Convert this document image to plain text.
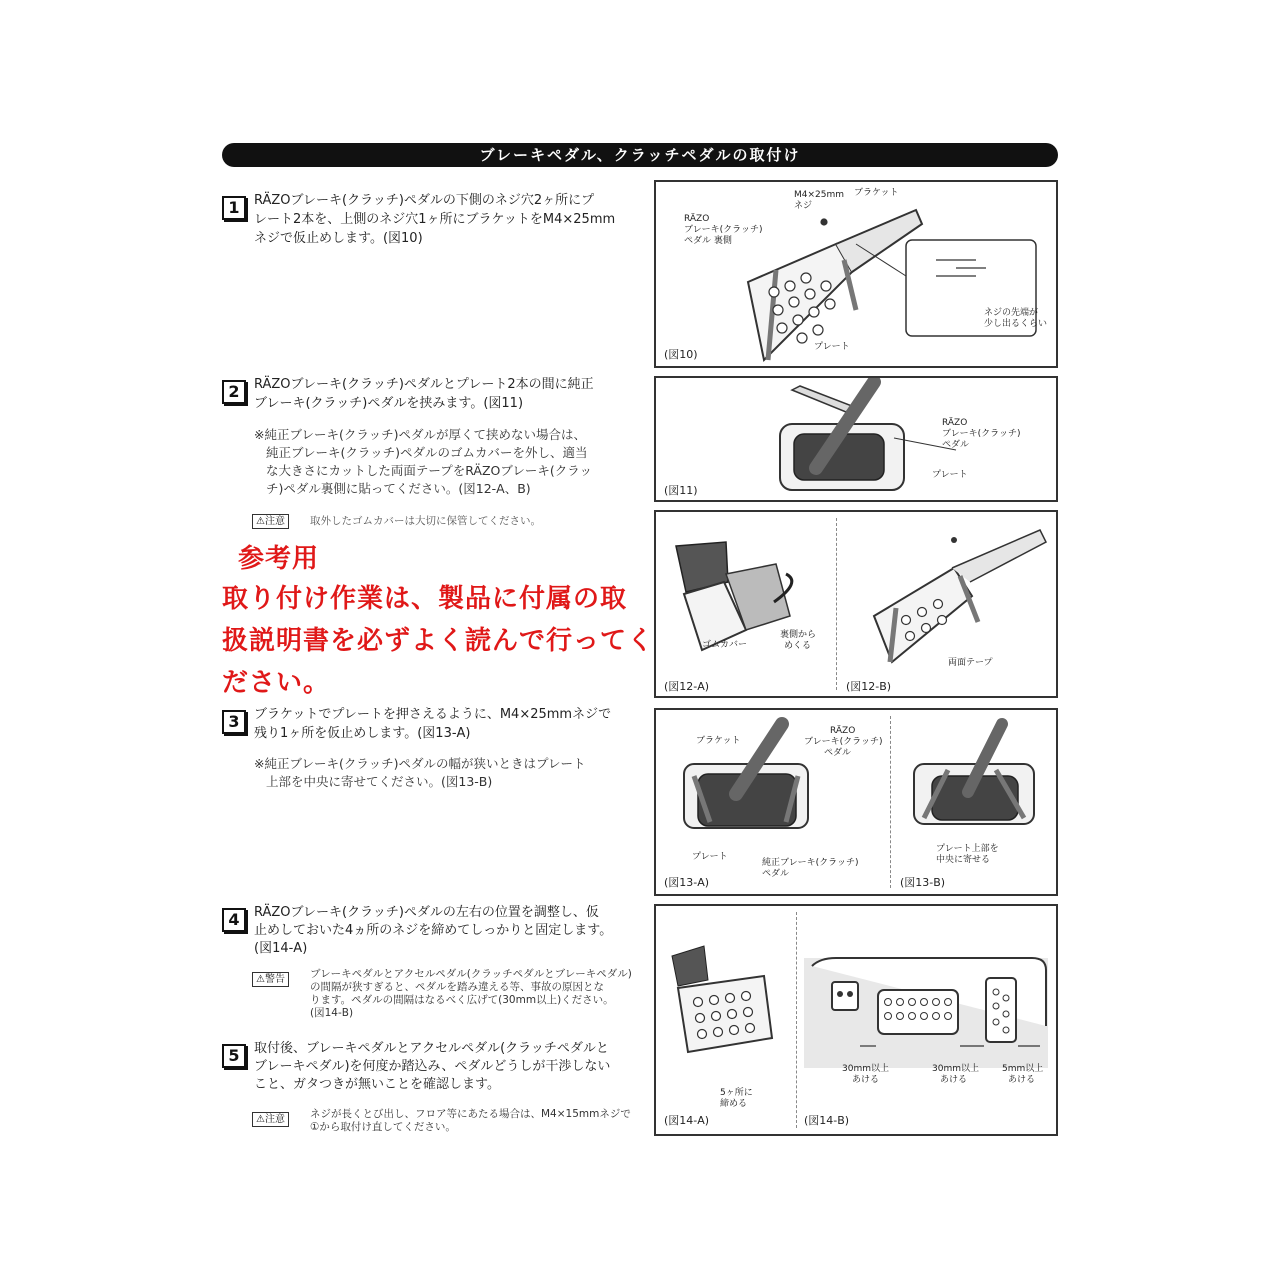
ブレーキペダル、クラッチペダルの取付け
1	RÄZOブレーキ(クラッチ)ペダルの下側のネジ穴2ヶ所にプ
レート2本を、上側のネジ穴1ヶ所にブラケットをM4×25mm
ネジで仮止めします。(図10)
2	RÄZOブレーキ(クラッチ)ペダルとプレート2本の間に純正
ブレーキ(クラッチ)ペダルを挟みます。(図11)
※純正ブレーキ(クラッチ)ペダルが厚くて挟めない場合は、
純正ブレーキ(クラッチ)ペダルのゴムカバーを外し、適当
な大きさにカットした両面テープをRÄZOブレーキ(クラッ
チ)ペダル裏側に貼ってください。(図12-A、B)
⚠注意	取外したゴムカバーは大切に保管してください。
参考用
取り付け作業は、製品に付属の取
扱説明書を必ずよく読んで行ってく
ださい。
3	ブラケットでプレートを押さえるように、M4×25mmネジで
残り1ヶ所を仮止めします。(図13-A)
※純正ブレーキ(クラッチ)ペダルの幅が狭いときはプレート
上部を中央に寄せてください。(図13-B)
4	RÄZOブレーキ(クラッチ)ペダルの左右の位置を調整し、仮
止めしておいた4ヵ所のネジを締めてしっかりと固定します。
(図14-A)
⚠警告	ブレーキペダルとアクセルペダル(クラッチペダルとブレーキペダル)
の間隔が狭すぎると、ペダルを踏み違える等、事故の原因とな
ります。ペダルの間隔はなるべく広げて(30mm以上)ください。
(図14-B)
5	取付後、ブレーキペダルとアクセルペダル(クラッチペダルと
ブレーキペダル)を何度か踏込み、ペダルどうしが干渉しない
こと、ガタつきが無いことを確認します。
⚠注意	ネジが長くとび出し、フロア等にあたる場合は、M4×15mmネジで
①から取付け直してください。
M4×25mm
ネジ
ブラケット
RÄZO
ブレーキ(クラッチ)
ペダル 裏側
プレート
ネジの先端が
少し出るくらい
(図10)
RÄZO
ブレーキ(クラッチ)
ペダル
プレート
(図11)
ゴムカバー
裏側から
めくる
両面テープ
(図12-A)	(図12-B)
ブラケット
RÄZO
ブレーキ(クラッチ)
ペダル
プレート
純正ブレーキ(クラッチ)
ペダル
プレート上部を
中央に寄せる
(図13-A)	(図13-B)
5ヶ所に
締める
30mm以上
あける
30mm以上
あける
5mm以上
あける
(図14-A)	(図14-B)
